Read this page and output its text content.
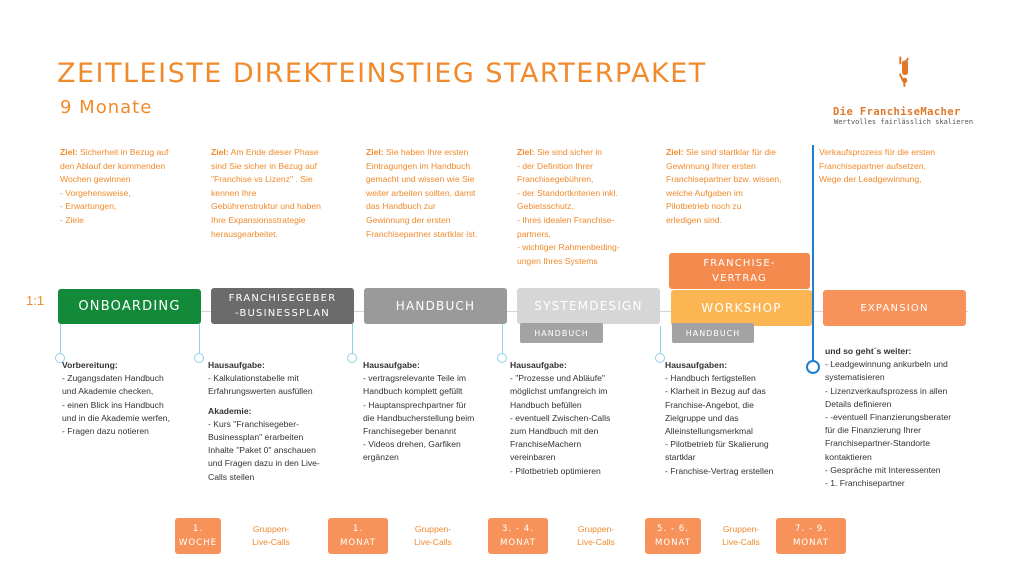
ZEITLEISTE DIREKTEINSTIEG STARTERPAKET
9 Monate	Die FranchiseMacher
Wertvolles fairlässlich skalieren
Ziel: Sicherheit in Bezug auf
den Ablauf der kommenden
Wochen gewinnen
- Vorgehensweise,
- Erwartungen,
- Ziele
Ziel: Am Ende dieser Phase
sind Sie sicher in Bezug auf
"Franchise vs Lizenz" . Sie
kennen Ihre
Gebührenstruktur und haben
Ihre Expansionsstrategie
herausgearbeitet.
Ziel: Sie haben Ihre ersten
Eintragungen im Handbuch
gemacht und wissen wie Sie
weiter arbeiten sollten, damit
das Handbuch zur
Gewinnung der ersten
Franchisepartner startklar ist.
Ziel: Sie sind sicher in
- der Definition Ihrer
Franchisegebühren,
- der Standortkriterien inkl.
Gebietsschutz,
- Ihres idealen Franchise-
partners,
- wichtiger Rahmenbeding-
ungen Ihres Systems
Ziel: Sie sind startklar für die
Gewinnung Ihrer ersten
Franchisepartner bzw. wissen,
welche Aufgaben im
Pilotbetrieb noch zu
erledigen sind.
Verkaufsprozess für die ersten
Franchisepartner aufsetzen,
Wege der Leadgewinnung,
1:1	ONBOARDING
FRANCHISEGEBER
-BUSINESSPLAN
HANDBUCH	SYSTEMDESIGN
HANDBUCH
FRANCHISE-
VERTRAG
WORKSHOP
HANDBUCH
EXPANSION
Vorbereitung:
- Zugangsdaten Handbuch
und Akademie checken,
- einen Blick ins Handbuch
und in die Akademie werfen,
- Fragen dazu notieren
Hausaufgabe:
- Kalkulationstabelle mit
Erfahrungswerten ausfüllen

Akademie:
- Kurs "Franchisegeber-
Businessplan" erarbeiten
Inhalte "Paket 0" anschauen
und Fragen dazu in den Live-
Calls stellen
Hausaufgabe:
- vertragsrelevante Teile im
Handbuch komplett gefüllt
- Hauptansprechpartner für
die Handbucherstellung beim
Franchisegeber benannt
- Videos drehen, Garfiken
ergänzen
Hausaufgabe:
- "Prozesse und Abläufe"
möglichst umfangreich im
Handbuch befüllen
- eventuell Zwischen-Calls
zum Handbuch mit den
FranchiseMachern
vereinbaren
- Pilotbetrieb optimieren
Hausaufgaben:
- Handbuch fertigstellen
- Klarheit in Bezug auf das
Franchise-Angebot, die
Zielgruppe und das
Alleinstellungsmerkmal
- Pilotbetrieb für Skalierung
startklar
- Franchise-Vertrag erstellen
und so geht´s weiter:
- Leadgewinnung ankurbeln und
systematisieren
- Lizenzverkaufsprozess in allen
Details definieren
- -eventuell Finanzierungsberater
für die Finanzierung Ihrer
Franchisepartner-Standorte
kontaktieren
- Gespräche mit Interessenten
- 1. Franchisepartner
1.
WOCHE
Gruppen-
Live-Calls
1.
MONAT
Gruppen-
Live-Calls
3. - 4.
MONAT
Gruppen-
Live-Calls
5. - 6.
MONAT
Gruppen-
Live-Calls
7. - 9.
MONAT
